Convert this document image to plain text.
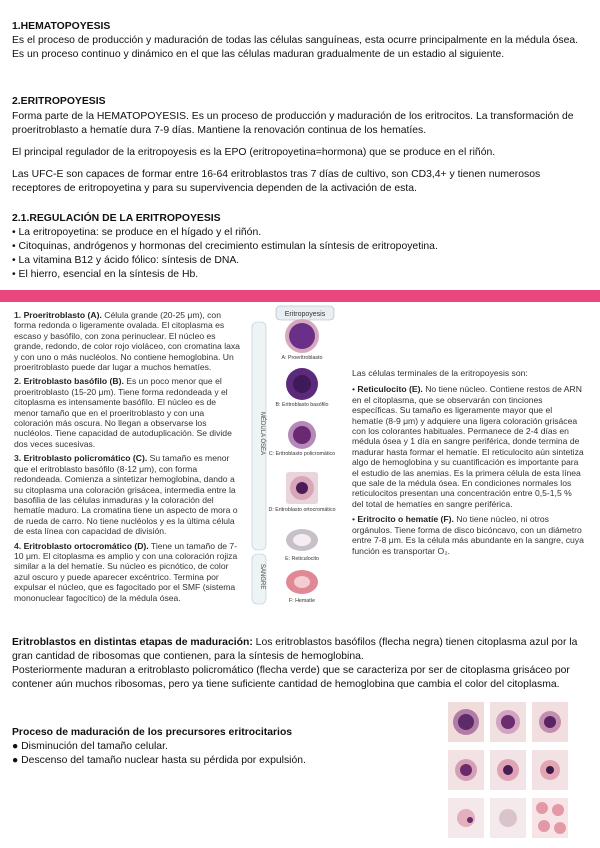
1.HEMATOPOYESIS
Es el proceso de producción y maduración de todas las células sanguíneas, esta ocurre principalmente en la médula ósea. Es un proceso continuo y dinámico en el que las células maduran gradualmente de un estadio al siguiente.
2.ERITROPOYESIS
Forma parte de la HEMATOPOYESIS. Es un proceso de producción y maduración de los eritrocitos. La transformación de proeritroblasto a hematíe dura 7-9 días. Mantiene la renovación continua de los hematíes.
El principal regulador de la eritropoyesis es la EPO (eritropoyetina=hormona) que se produce en el riñón.
Las UFC-E son capaces de formar entre 16-64 eritroblastos tras 7 días de cultivo, son CD3,4+ y tienen numerosos receptores de eritropoyetina y para su supervivencia dependen de la activación de esta.
2.1.REGULACIÓN DE LA ERITROPOYESIS
• La eritropoyetina: se produce en el hígado y el riñón.
• Citoquinas, andrógenos y hormonas del crecimiento estimulan la síntesis de eritropoyetina.
• La vitamina B12 y ácido fólico: síntesis de DNA.
• El hierro, esencial en la síntesis de Hb.
1. Proeritroblasto (A). Célula grande (20-25 μm), con forma redonda o ligeramente ovalada. El citoplasma es escaso y basófilo, con zona perinuclear. El núcleo es grande, redondo, de color rojo violáceo, con cromatina laxa y con uno o más nucléolos. No contiene hemoglobina. Un proeritroblasto puede dar lugar a muchos hematíes.
2. Eritroblasto basófilo (B). Es un poco menor que el proeritroblasto (15-20 μm). Tiene forma redondeada y el citoplasma es intensamente basófilo. El núcleo es de menor tamaño que en el proeritroblasto y con una coloración más oscura. No llegan a observarse los nucléolos. Tiene capacidad de autoduplicación. Se divide dos veces sucesivas.
3. Eritroblasto policromático (C). Su tamaño es menor que el eritroblasto basófilo (8-12 μm), con forma redondeada. Comienza a sintetizar hemoglobina, dando a su citoplasma una coloración grisácea, intermedia entre la basofilia de las células inmaduras y la coloración del hematíe maduro. La cromatina tiene un aspecto de mora o de rueda de carro. No tiene nucléolos y es la última célula de esta línea con capacidad de división.
4. Eritroblasto ortocromático (D). Tiene un tamaño de 7-10 μm. El citoplasma es amplio y con una coloración rojiza similar a la del hematíe. Su núcleo es picnótico, de color azul oscuro y puede aparecer excéntrico. Termina por expulsar el núcleo, que es fagocitado por el SMF (sistema mononuclear fagocítico) de la médula ósea.
Eritropoyesis
MÉDULA ÓSEA
SANGRE
A: Proeritroblasto
B: Eritroblasto basófilo
C: Eritroblasto policromático
D: Eritroblasto ortocromático
E: Reticulocito
F: Hematíe
Las células terminales de la eritropoyesis son:
• Reticulocito (E). No tiene núcleo. Contiene restos de ARN en el citoplasma, que se observarán con tinciones específicas. Su tamaño es ligeramente mayor que el hematíe (8-9 μm) y adquiere una ligera coloración grisácea con los colorantes habituales. Permanece de 2-4 días en médula ósea y 1 día en sangre periférica, donde termina de madurar hasta formar el hematíe. El reticulocito aún sintetiza algo de hemoglobina y su cuantificación es importante para el estudio de las anemias. Es la primera célula de esta línea que sale de la médula ósea. En condiciones normales los reticulocitos presentan una concentración entre 0,5-1,5 % del total de hematíes en sangre periférica.
• Eritrocito o hematíe (F). No tiene núcleo, ni otros orgánulos. Tiene forma de disco bicóncavo, con un diámetro entre 7-8 μm. Es la célula más abundante en la sangre, cuya función es transportar O₂.
Eritroblastos en distintas etapas de maduración: Los eritroblastos basófilos (flecha negra) tienen citoplasma azul por la gran cantidad de ribosomas que contienen, para la síntesis de hemoglobina.
Posteriormente maduran a eritroblasto policromático (flecha verde) que se caracteriza por ser de citoplasma grisáceo por contener aún muchos ribosomas, pero ya tiene suficiente cantidad de hemoglobina que cambia el color del citoplasma.
Proceso de maduración de los precursores eritrocitarios
● Disminución del tamaño celular.
● Descenso del tamaño nuclear hasta su pérdida por expulsión.
